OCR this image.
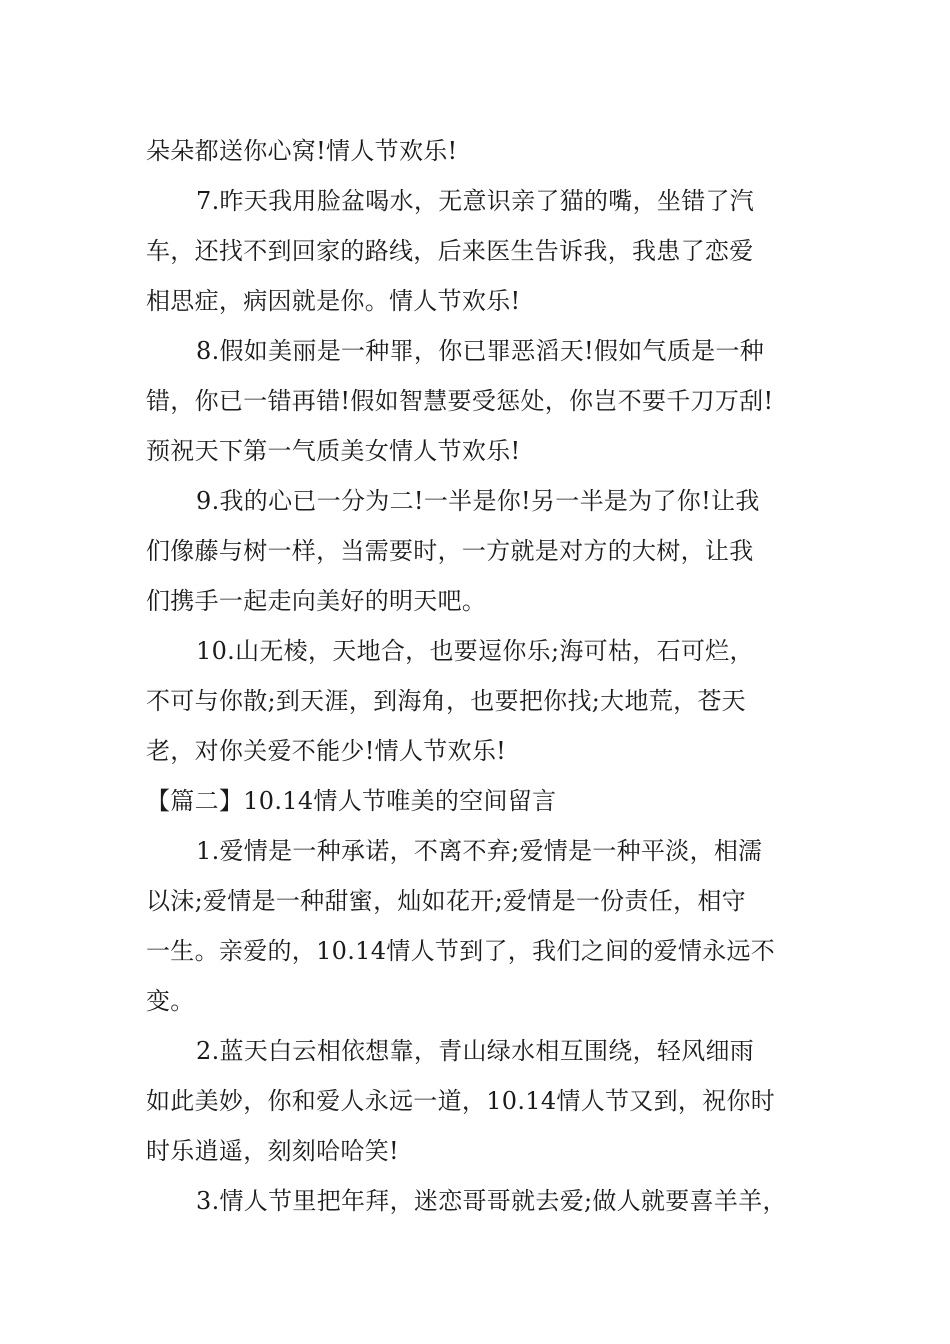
朵朵都送你心窝!情人节欢乐!
7.昨天我用脸盆喝水，无意识亲了猫的嘴，坐错了汽
车，还找不到回家的路线，后来医生告诉我，我患了恋爱
相思症，病因就是你。情人节欢乐!
8.假如美丽是一种罪，你已罪恶滔天!假如气质是一种
错，你已一错再错!假如智慧要受惩处，你岂不要千刀万刮!
预祝天下第一气质美女情人节欢乐!
9.我的心已一分为二!一半是你!另一半是为了你!让我
们像藤与树一样，当需要时，一方就是对方的大树，让我
们携手一起走向美好的明天吧。
10.山无棱，天地合，也要逗你乐;海可枯，石可烂，
不可与你散;到天涯，到海角，也要把你找;大地荒，苍天
老，对你关爱不能少!情人节欢乐!
【篇二】10.14情人节唯美的空间留言
1.爱情是一种承诺，不离不弃;爱情是一种平淡，相濡
以沫;爱情是一种甜蜜，灿如花开;爱情是一份责任，相守
一生。亲爱的，10.14情人节到了，我们之间的爱情永远不
变。
2.蓝天白云相依想靠，青山绿水相互围绕，轻风细雨
如此美妙，你和爱人永远一道，10.14情人节又到，祝你时
时乐逍遥，刻刻哈哈笑!
3.情人节里把年拜，迷恋哥哥就去爱;做人就要喜羊羊，
